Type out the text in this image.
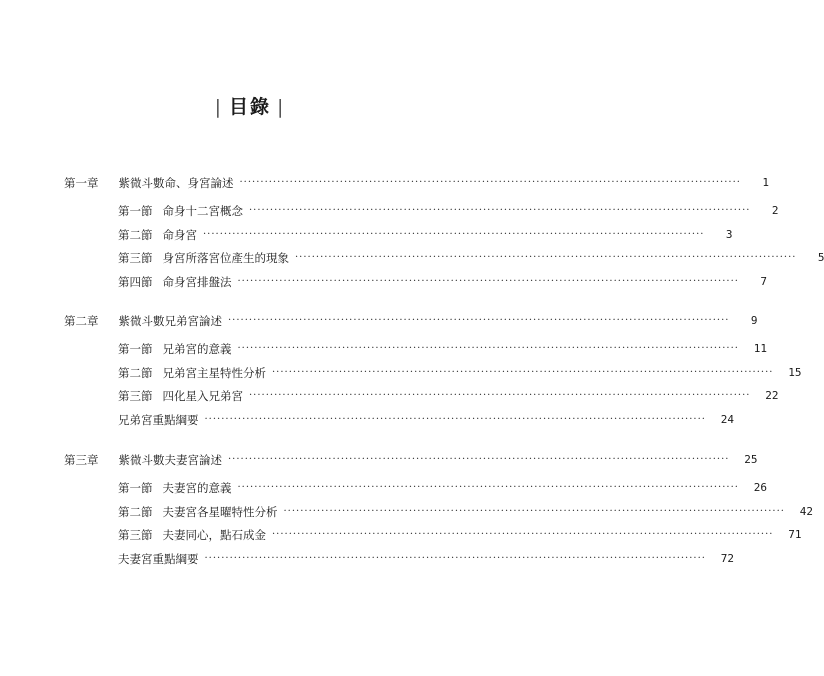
| 目錄 |
第一章 紫微斗數命、身宮論述 ························································································································	1
第一節 命身十二宮概念 ························································································································	2
第二節 命身宮 ························································································································	3
第三節 身宮所落宮位產生的現象 ························································································································	5
第四節 命身宮排盤法 ························································································································	7
第二章 紫微斗數兄弟宮論述 ························································································································	9
第一節 兄弟宮的意義 ························································································································	11
第二節 兄弟宮主星特性分析 ························································································································	15
第三節 四化星入兄弟宮 ························································································································	22
兄弟宮重點綱要 ························································································································	24
第三章 紫微斗數夫妻宮論述 ························································································································	25
第一節 夫妻宮的意義 ························································································································	26
第二節 夫妻宮各星曜特性分析 ························································································································	42
第三節 夫妻同心，點石成金 ························································································································	71
夫妻宮重點綱要 ························································································································	72
